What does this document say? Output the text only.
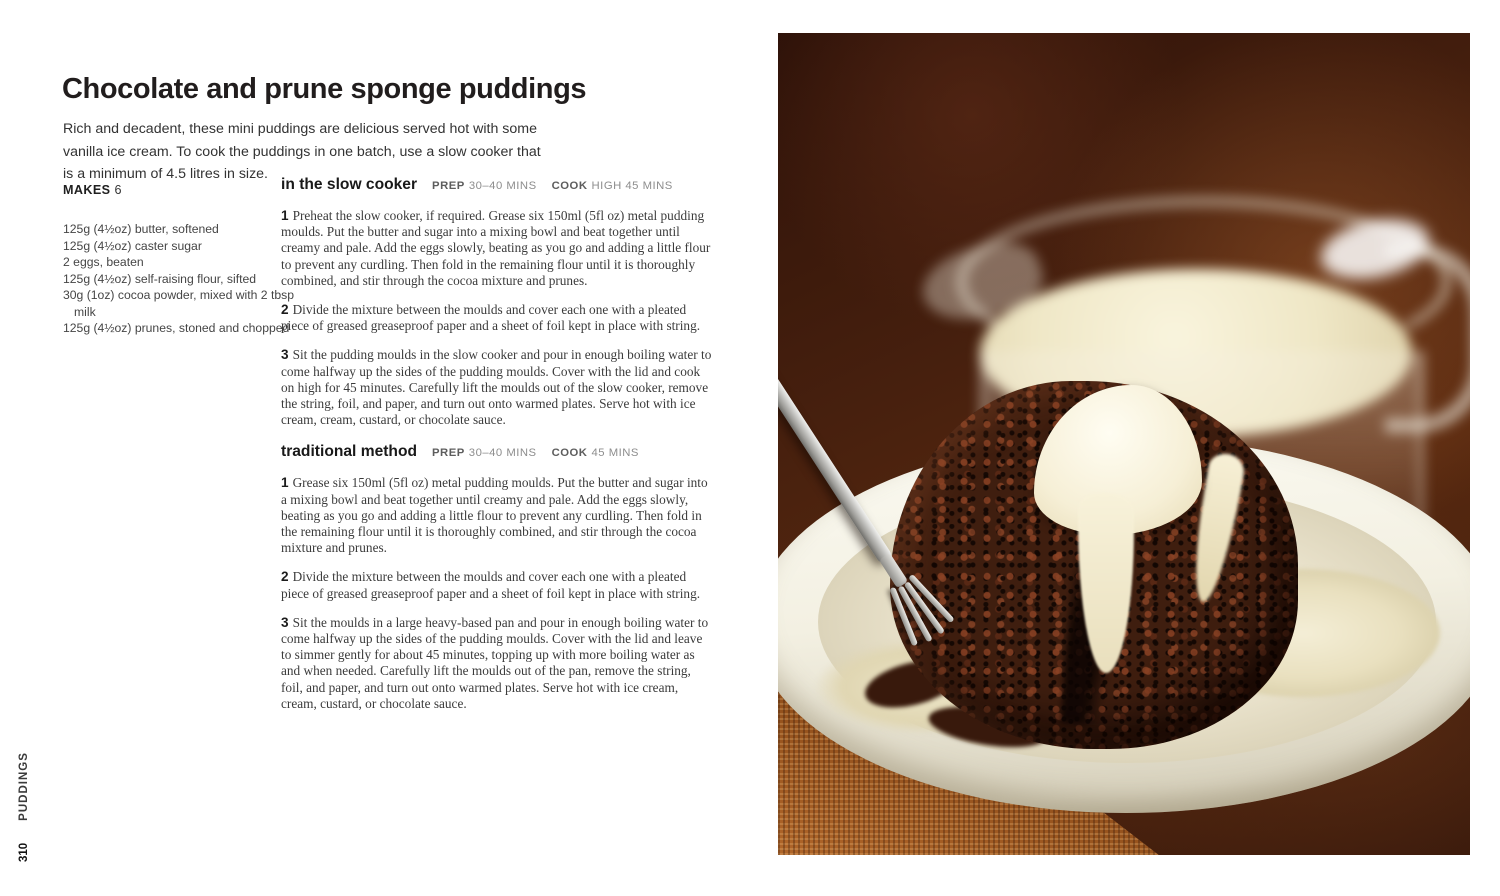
Chocolate and prune sponge puddings

Rich and decadent, these mini puddings are delicious served hot with some vanilla ice cream. To cook the puddings in one batch, use a slow cooker that is a minimum of 4.5 litres in size.

MAKES 6
125g (4½oz) butter, softened
125g (4½oz) caster sugar
2 eggs, beaten
125g (4½oz) self-raising flour, sifted
30g (1oz) cocoa powder, mixed with 2 tbsp milk
125g (4½oz) prunes, stoned and chopped
in the slow cooker PREP 30–40 MINS COOK HIGH 45 MINS

1 Preheat the slow cooker, if required. Grease six 150ml (5fl oz) metal pudding moulds. Put the butter and sugar into a mixing bowl and beat together until creamy and pale. Add the eggs slowly, beating as you go and adding a little flour to prevent any curdling. Then fold in the remaining flour until it is thoroughly combined, and stir through the cocoa mixture and prunes.

2 Divide the mixture between the moulds and cover each one with a pleated piece of greased greaseproof paper and a sheet of foil kept in place with string.

3 Sit the pudding moulds in the slow cooker and pour in enough boiling water to come halfway up the sides of the pudding moulds. Cover with the lid and cook on high for 45 minutes. Carefully lift the moulds out of the slow cooker, remove the string, foil, and paper, and turn out onto warmed plates. Serve hot with ice cream, cream, custard, or chocolate sauce.

traditional method PREP 30–40 MINS COOK 45 MINS

1 Grease six 150ml (5fl oz) metal pudding moulds. Put the butter and sugar into a mixing bowl and beat together until creamy and pale. Add the eggs slowly, beating as you go and adding a little flour to prevent any curdling. Then fold in the remaining flour until it is thoroughly combined, and stir through the cocoa mixture and prunes.

2 Divide the mixture between the moulds and cover each one with a pleated piece of greased greaseproof paper and a sheet of foil kept in place with string.

3 Sit the moulds in a large heavy-based pan and pour in enough boiling water to come halfway up the sides of the pudding moulds. Cover with the lid and leave to simmer gently for about 45 minutes, topping up with more boiling water as and when needed. Carefully lift the moulds out of the pan, remove the string, foil, and paper, and turn out onto warmed plates. Serve hot with ice cream, cream, custard, or chocolate sauce.

310
PUDDINGS
